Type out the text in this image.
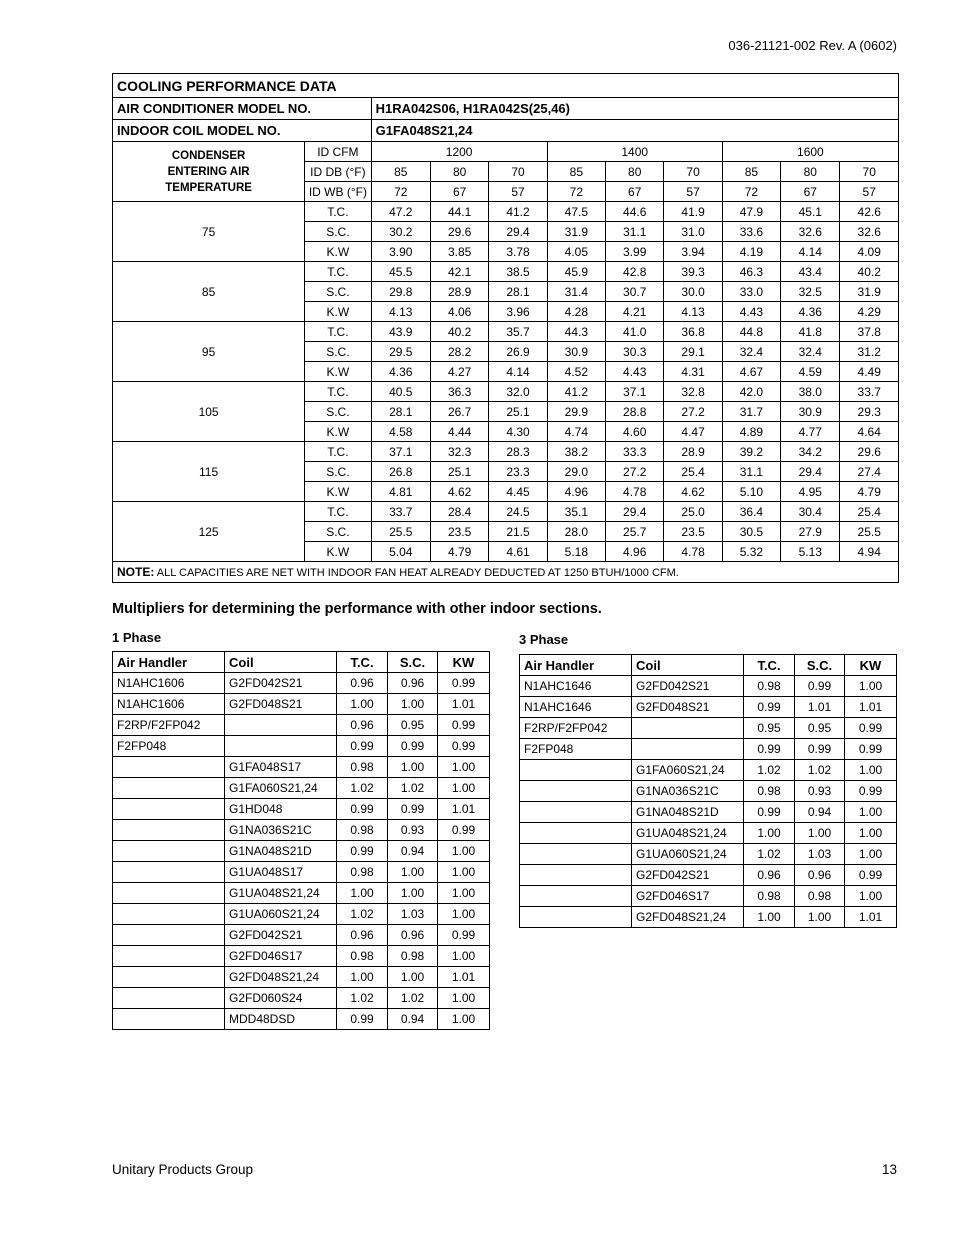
036-21121-002 Rev. A (0602)
COOLING PERFORMANCE DATA										
AIR CONDITIONER MODEL NO.		H1RA042S06, H1RA042S(25,46)								
INDOOR COIL MODEL NO.		G1FA048S21,24								
CONDENSER
ENTERING AIR
TEMPERATURE	ID CFM	1200			1400			1600		
	ID DB (°F)	85	80	70	85	80	70	85	80	70
	ID WB (°F)	72	67	57	72	67	57	72	67	57
75	T.C.	47.2	44.1	41.2	47.5	44.6	41.9	47.9	45.1	42.6
	S.C.	30.2	29.6	29.4	31.9	31.1	31.0	33.6	32.6	32.6
	K.W	3.90	3.85	3.78	4.05	3.99	3.94	4.19	4.14	4.09
85	T.C.	45.5	42.1	38.5	45.9	42.8	39.3	46.3	43.4	40.2
	S.C.	29.8	28.9	28.1	31.4	30.7	30.0	33.0	32.5	31.9
	K.W	4.13	4.06	3.96	4.28	4.21	4.13	4.43	4.36	4.29
95	T.C.	43.9	40.2	35.7	44.3	41.0	36.8	44.8	41.8	37.8
	S.C.	29.5	28.2	26.9	30.9	30.3	29.1	32.4	32.4	31.2
	K.W	4.36	4.27	4.14	4.52	4.43	4.31	4.67	4.59	4.49
105	T.C.	40.5	36.3	32.0	41.2	37.1	32.8	42.0	38.0	33.7
	S.C.	28.1	26.7	25.1	29.9	28.8	27.2	31.7	30.9	29.3
	K.W	4.58	4.44	4.30	4.74	4.60	4.47	4.89	4.77	4.64
115	T.C.	37.1	32.3	28.3	38.2	33.3	28.9	39.2	34.2	29.6
	S.C.	26.8	25.1	23.3	29.0	27.2	25.4	31.1	29.4	27.4
	K.W	4.81	4.62	4.45	4.96	4.78	4.62	5.10	4.95	4.79
125	T.C.	33.7	28.4	24.5	35.1	29.4	25.0	36.4	30.4	25.4
	S.C.	25.5	23.5	21.5	28.0	25.7	23.5	30.5	27.9	25.5
	K.W	5.04	4.79	4.61	5.18	4.96	4.78	5.32	5.13	4.94
NOTE: ALL CAPACITIES ARE NET WITH INDOOR FAN HEAT ALREADY DEDUCTED AT 1250 BTUH/1000 CFM.										
Multipliers for determining the performance with other indoor sections.
1 Phase
Air Handler	Coil	T.C.	S.C.	KW
N1AHC1606	G2FD042S21	0.96	0.96	0.99
N1AHC1606	G2FD048S21	1.00	1.00	1.01
F2RP/F2FP042		0.96	0.95	0.99
F2FP048		0.99	0.99	0.99
	G1FA048S17	0.98	1.00	1.00
	G1FA060S21,24	1.02	1.02	1.00
	G1HD048	0.99	0.99	1.01
	G1NA036S21C	0.98	0.93	0.99
	G1NA048S21D	0.99	0.94	1.00
	G1UA048S17	0.98	1.00	1.00
	G1UA048S21,24	1.00	1.00	1.00
	G1UA060S21,24	1.02	1.03	1.00
	G2FD042S21	0.96	0.96	0.99
	G2FD046S17	0.98	0.98	1.00
	G2FD048S21,24	1.00	1.00	1.01
	G2FD060S24	1.02	1.02	1.00
	MDD48DSD	0.99	0.94	1.00
3 Phase
Air Handler	Coil	T.C.	S.C.	KW
N1AHC1646	G2FD042S21	0.98	0.99	1.00
N1AHC1646	G2FD048S21	0.99	1.01	1.01
F2RP/F2FP042		0.95	0.95	0.99
F2FP048		0.99	0.99	0.99
	G1FA060S21,24	1.02	1.02	1.00
	G1NA036S21C	0.98	0.93	0.99
	G1NA048S21D	0.99	0.94	1.00
	G1UA048S21,24	1.00	1.00	1.00
	G1UA060S21,24	1.02	1.03	1.00
	G2FD042S21	0.96	0.96	0.99
	G2FD046S17	0.98	0.98	1.00
	G2FD048S21,24	1.00	1.00	1.01
Unitary Products Group	13
